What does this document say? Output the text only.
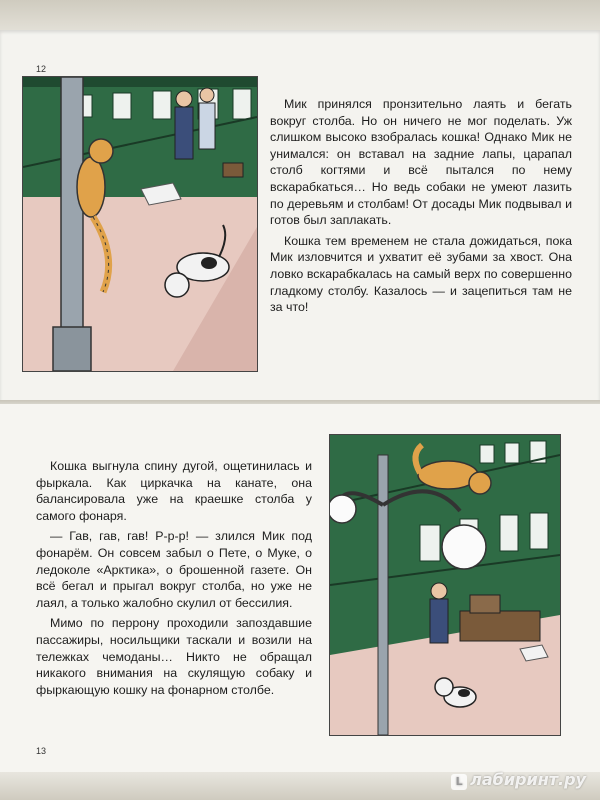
12

Мик принялся пронзительно лаять и бегать вокруг столба. Но он ничего не мог поделать. Уж слишком высоко взобралась кошка! Однако Мик не унимался: он вставал на задние лапы, царапал столб когтями и всё пытался по нему вскарабкаться… Но ведь собаки не умеют лазить по деревьям и столбам! От досады Мик подвывал и готов был заплакать.

Кошка тем временем не стала дожидаться, пока Мик изловчится и ухватит её зубами за хвост. Она ловко вскарабкалась на самый верх по совершенно гладкому столбу. Казалось — и зацепиться там не за что!

Кошка выгнула спину дугой, ощетинилась и фыркала. Как циркачка на канате, она балансировала уже на краешке столба у самого фонаря.

— Гав, гав, гав! Р-р-р! — злился Мик под фонарём. Он совсем забыл о Пете, о Муке, о ледоколе «Арктика», о брошенной газете. Он всё бегал и прыгал вокруг столба, но уже не лаял, а только жалобно скулил от бессилия.

Мимо по перрону проходили запоздавшие пассажиры, носильщики таскали и возили на тележках чемоданы… Никто не обращал никакого внимания на скулящую собаку и фыркающую кошку на фонарном столбе.

13
L лабиринт.ру
